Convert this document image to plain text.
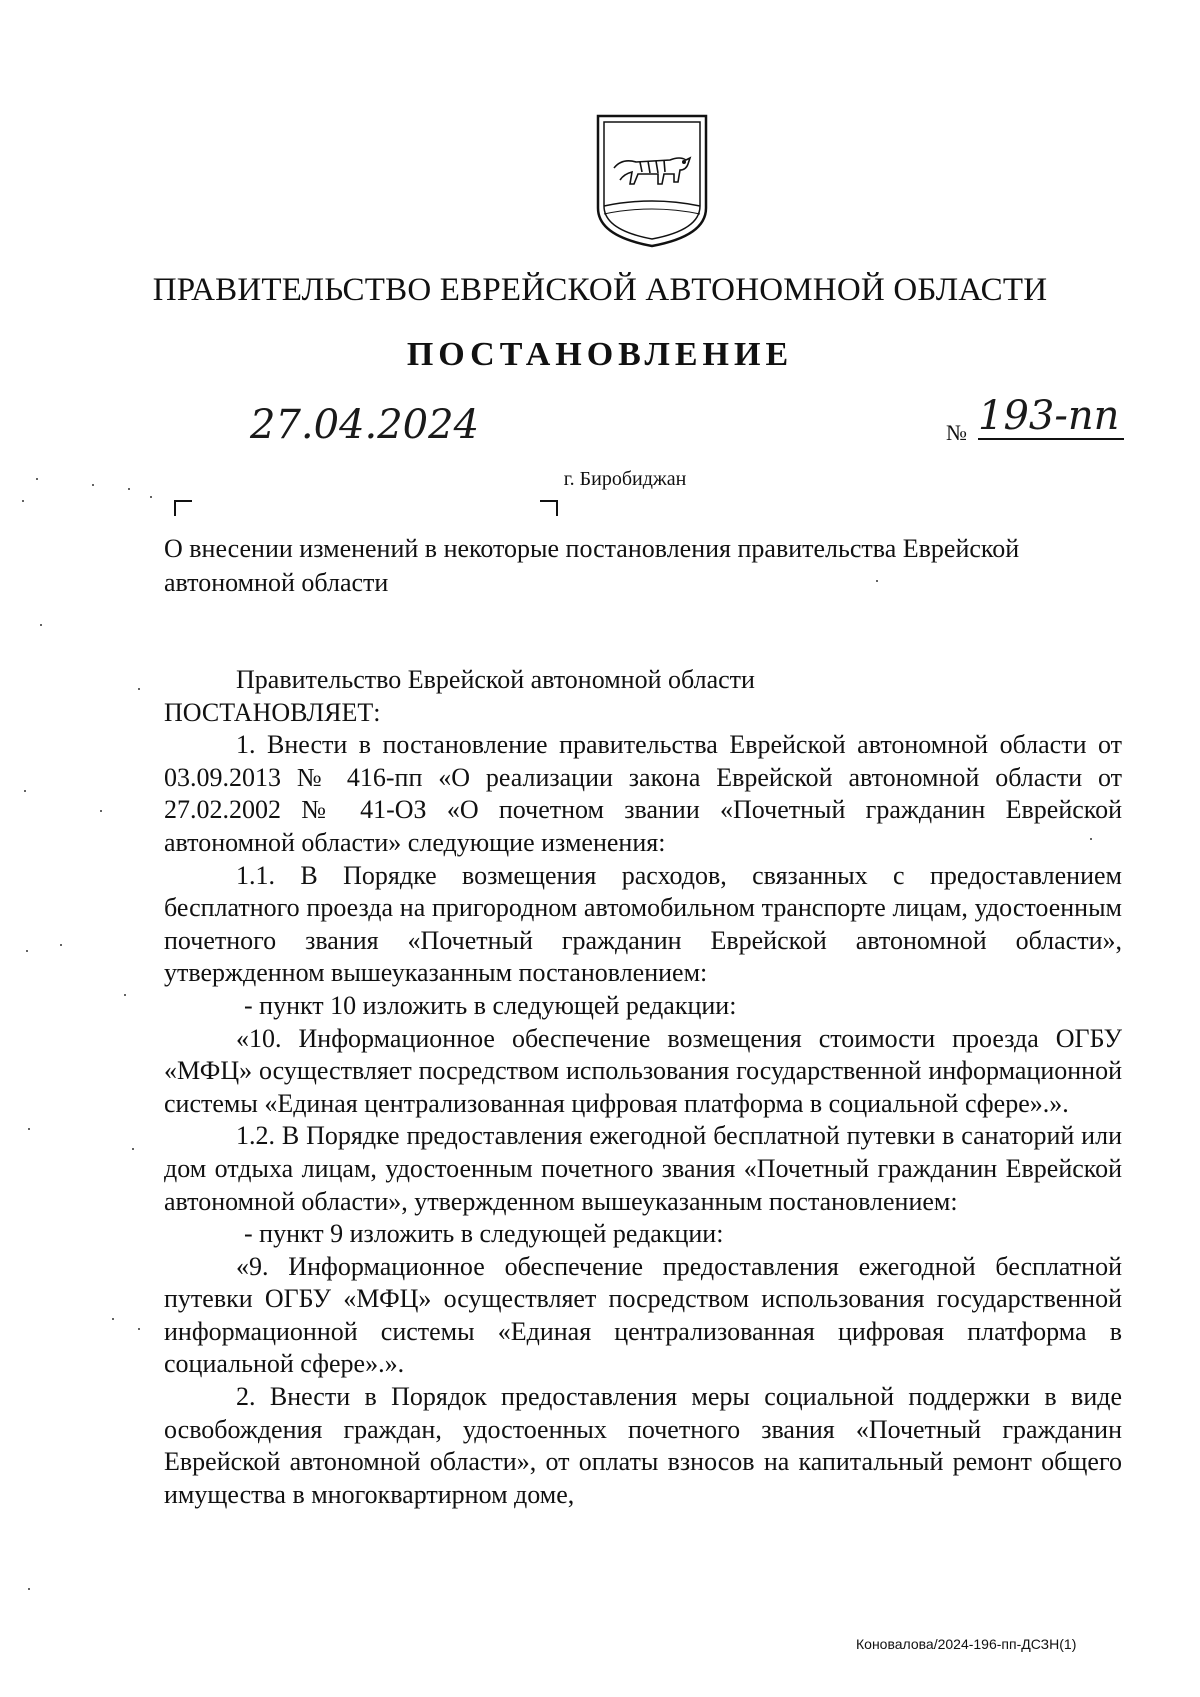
ПРАВИТЕЛЬСТВО ЕВРЕЙСКОЙ АВТОНОМНОЙ ОБЛАСТИ
ПОСТАНОВЛЕНИЕ
27.04.2024	№ 193-пп
г. Биробиджан
О внесении изменений в некоторые постановления правительства Еврейской автономной области

Правительство Еврейской автономной области

ПОСТАНОВЛЯЕТ:

1. Внести в постановление правительства Еврейской автономной области от 03.09.2013 № 416-пп «О реализации закона Еврейской автономной области от 27.02.2002 № 41-ОЗ «О почетном звании «Почетный гражданин Еврейской автономной области» следующие изменения:

1.1. В Порядке возмещения расходов, связанных с предоставлением бесплатного проезда на пригородном автомобильном транспорте лицам, удостоенным почетного звания «Почетный гражданин Еврейской автономной области», утвержденном вышеуказанным постановлением:

- пункт 10 изложить в следующей редакции:

«10. Информационное обеспечение возмещения стоимости проезда ОГБУ «МФЦ» осуществляет посредством использования государственной информационной системы «Единая централизованная цифровая платформа в социальной сфере».».

1.2. В Порядке предоставления ежегодной бесплатной путевки в санаторий или дом отдыха лицам, удостоенным почетного звания «Почетный гражданин Еврейской автономной области», утвержденном вышеуказанным постановлением:

- пункт 9 изложить в следующей редакции:

«9. Информационное обеспечение предоставления ежегодной бесплатной путевки ОГБУ «МФЦ» осуществляет посредством использования государственной информационной системы «Единая централизованная цифровая платформа в социальной сфере».».

2. Внести в Порядок предоставления меры социальной поддержки в виде освобождения граждан, удостоенных почетного звания «Почетный гражданин Еврейской автономной области», от оплаты взносов на капитальный ремонт общего имущества в многоквартирном доме,

Коновалова/2024-196-пп-ДСЗН(1)
